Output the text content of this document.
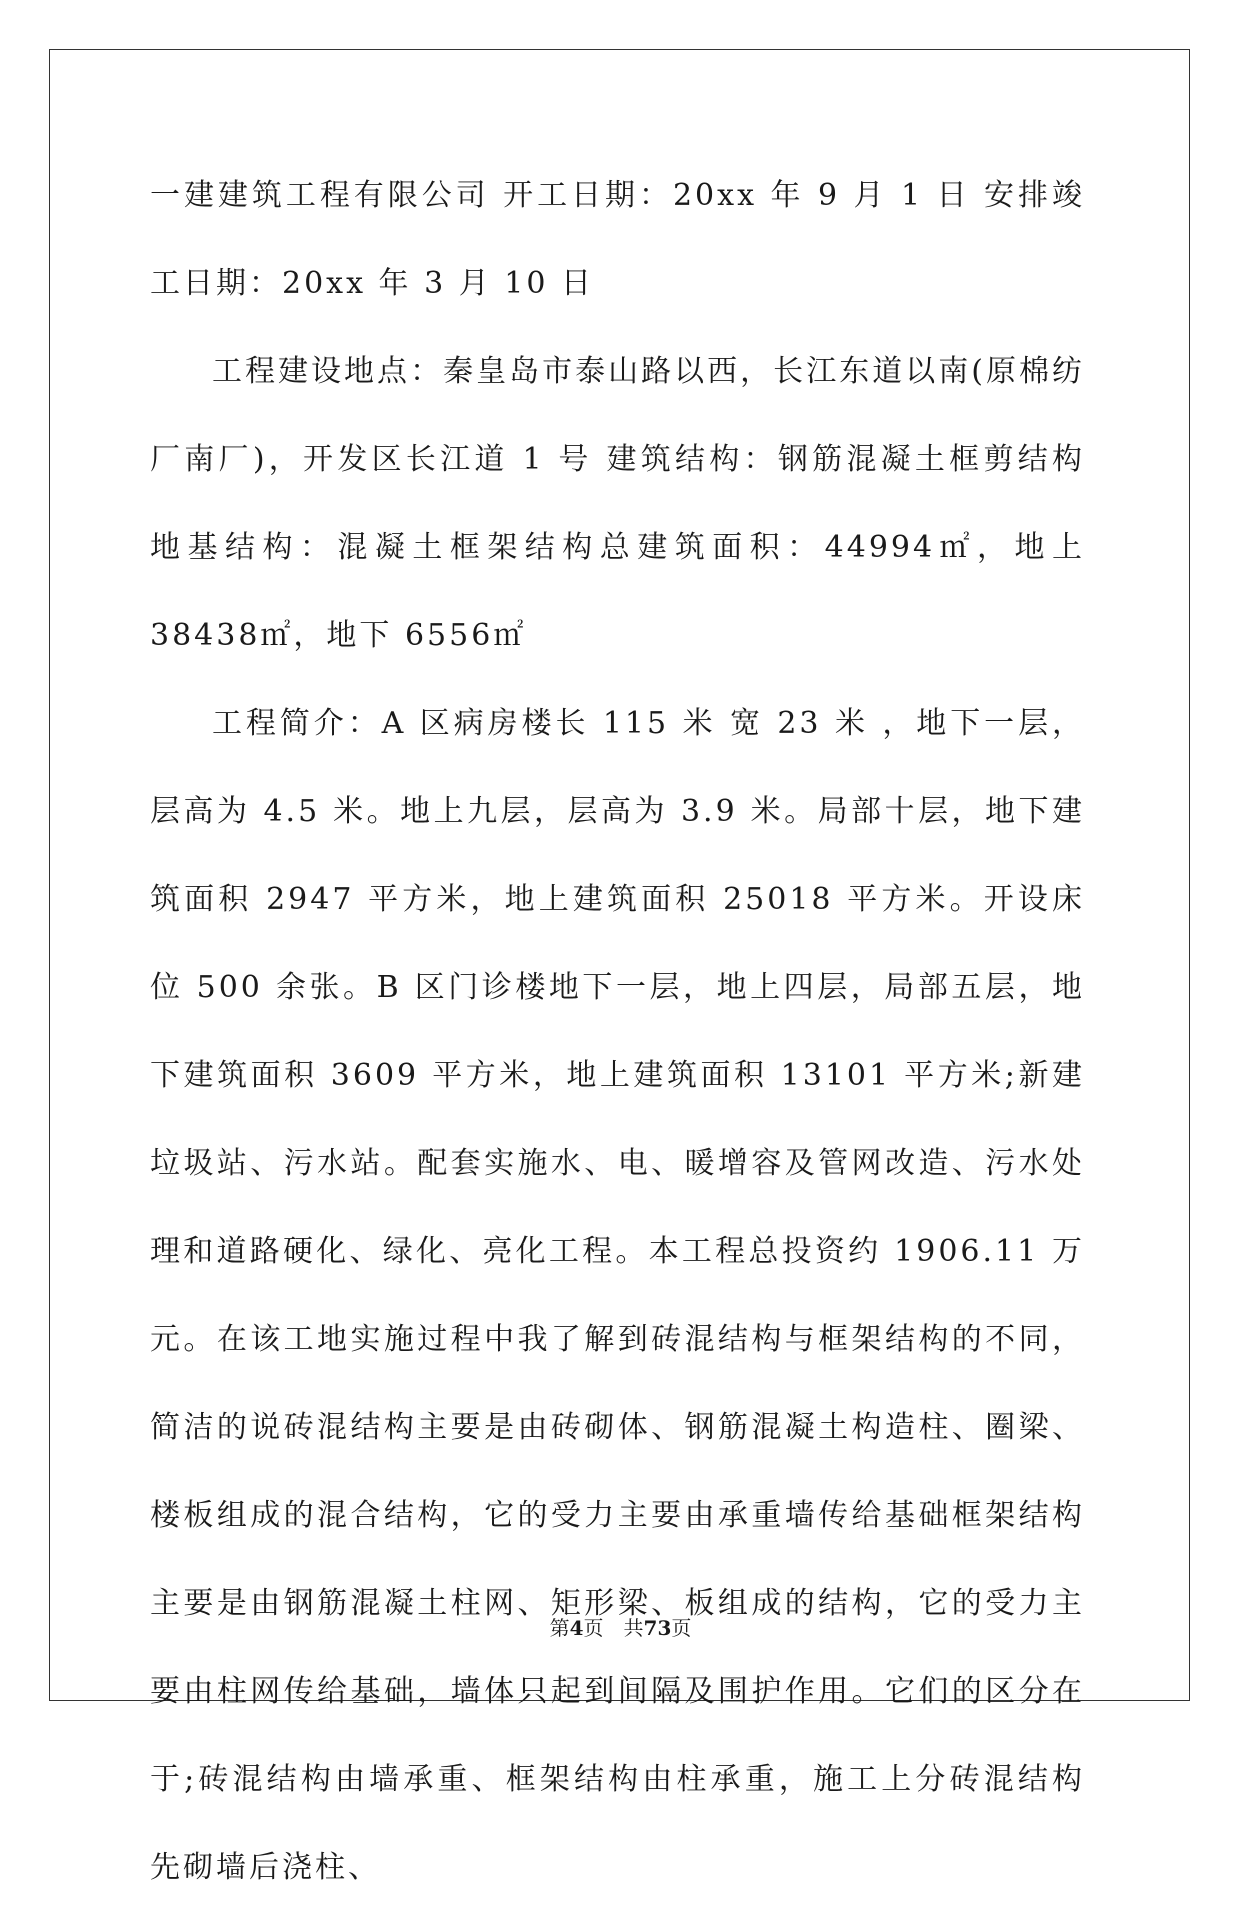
一建建筑工程有限公司 开工日期：20xx 年 9 月 1 日 安排竣工日期：20xx 年 3 月 10 日

工程建设地点：秦皇岛市泰山路以西，长江东道以南(原棉纺厂南厂)，开发区长江道 1 号 建筑结构：钢筋混凝土框剪结构 地基结构：混凝土框架结构总建筑面积：44994㎡，地上 38438㎡，地下 6556㎡

工程简介：A 区病房楼长 115 米 宽 23 米 ，地下一层，层高为 4.5 米。地上九层，层高为 3.9 米。局部十层，地下建筑面积 2947 平方米，地上建筑面积 25018 平方米。开设床位 500 余张。B 区门诊楼地下一层，地上四层，局部五层，地下建筑面积 3609 平方米，地上建筑面积 13101 平方米;新建垃圾站、污水站。配套实施水、电、暖增容及管网改造、污水处理和道路硬化、绿化、亮化工程。本工程总投资约 1906.11 万元。在该工地实施过程中我了解到砖混结构与框架结构的不同，简洁的说砖混结构主要是由砖砌体、钢筋混凝土构造柱、圈梁、楼板组成的混合结构，它的受力主要由承重墙传给基础框架结构主要是由钢筋混凝土柱网、矩形梁、板组成的结构，它的受力主要由柱网传给基础，墙体只起到间隔及围护作用。它们的区分在于;砖混结构由墙承重、框架结构由柱承重，施工上分砖混结构先砌墙后浇柱、

第4页　共73页
